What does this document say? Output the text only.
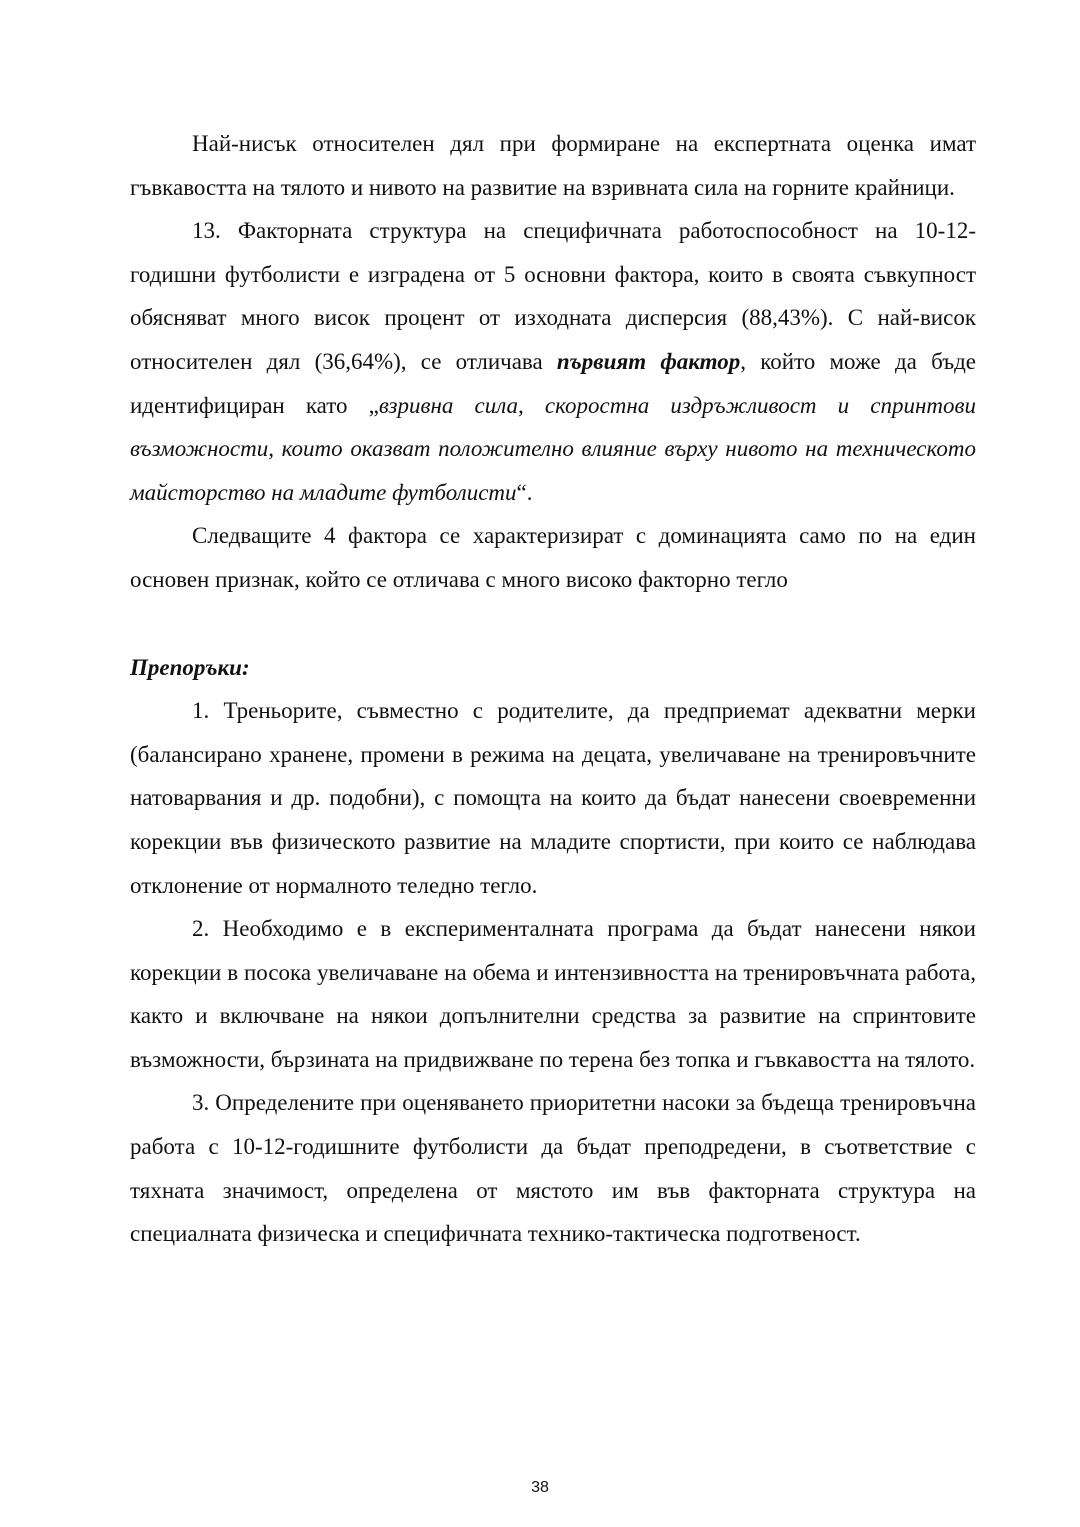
Най-нисък относителен дял при формиране на експертната оценка имат гъвкавостта на тялото и нивото на развитие на взривната сила на горните крайници.

13. Факторната структура на специфичната работоспособност на 10-12-годишни футболисти е изградена от 5 основни фактора, които в своята съвкупност обясняват много висок процент от изходната дисперсия (88,43%). С най-висок относителен дял (36,64%), се отличава първият фактор, който може да бъде идентифициран като „взривна сила, скоростна издръжливост и спринтови възможности, които оказват положително влияние върху нивото на техническото майсторство на младите футболисти“.

Следващите 4 фактора се характеризират с доминацията само по на един основен признак, който се отличава с много високо факторно тегло

Препоръки:

1. Треньорите, съвместно с родителите, да предприемат адекватни мерки (балансирано хранене, промени в режима на децата, увеличаване на тренировъчните натоварвания и др. подобни), с помощта на които да бъдат нанесени своевременни корекции във физическото развитие на младите спортисти, при които се наблюдава отклонение от нормалното теледно тегло.

2. Необходимо е в експерименталната програма да бъдат нанесени някои корекции в посока увеличаване на обема и интензивността на тренировъчната работа, както и включване на някои допълнителни средства за развитие на спринтовите възможности, бързината на придвижване по терена без топка и гъвкавостта на тялото.

3. Определените при оценяването приоритетни насоки за бъдеща тренировъчна работа с 10-12-годишните футболисти да бъдат преподредени, в съответствие с тяхната значимост, определена от мястото им във факторната структура на специалната физическа и специфичната технико-тактическа подготвеност.

38
